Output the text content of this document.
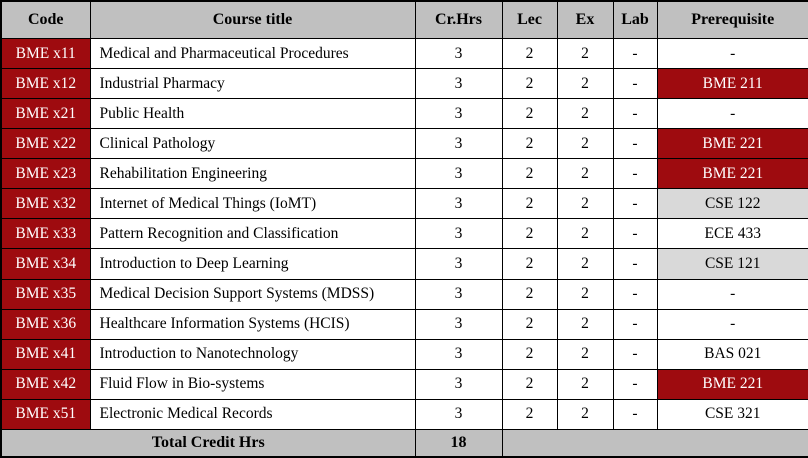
Code	Course title	Cr.Hrs	Lec	Ex	Lab	Prerequisite
BME x11	Medical and Pharmaceutical Procedures	3	2	2	-	-
BME x12	Industrial Pharmacy	3	2	2	-	BME 211
BME x21	Public Health	3	2	2	-	-
BME x22	Clinical Pathology	3	2	2	-	BME 221
BME x23	Rehabilitation Engineering	3	2	2	-	BME 221
BME x32	Internet of Medical Things (IoMT)	3	2	2	-	CSE 122
BME x33	Pattern Recognition and Classification	3	2	2	-	ECE 433
BME x34	Introduction to Deep Learning	3	2	2	-	CSE 121
BME x35	Medical Decision Support Systems (MDSS)	3	2	2	-	-
BME x36	Healthcare Information Systems (HCIS)	3	2	2	-	-
BME x41	Introduction to Nanotechnology	3	2	2	-	BAS 021
BME x42	Fluid Flow in Bio-systems	3	2	2	-	BME 221
BME x51	Electronic Medical Records	3	2	2	-	CSE 321
Total Credit Hrs		18				
